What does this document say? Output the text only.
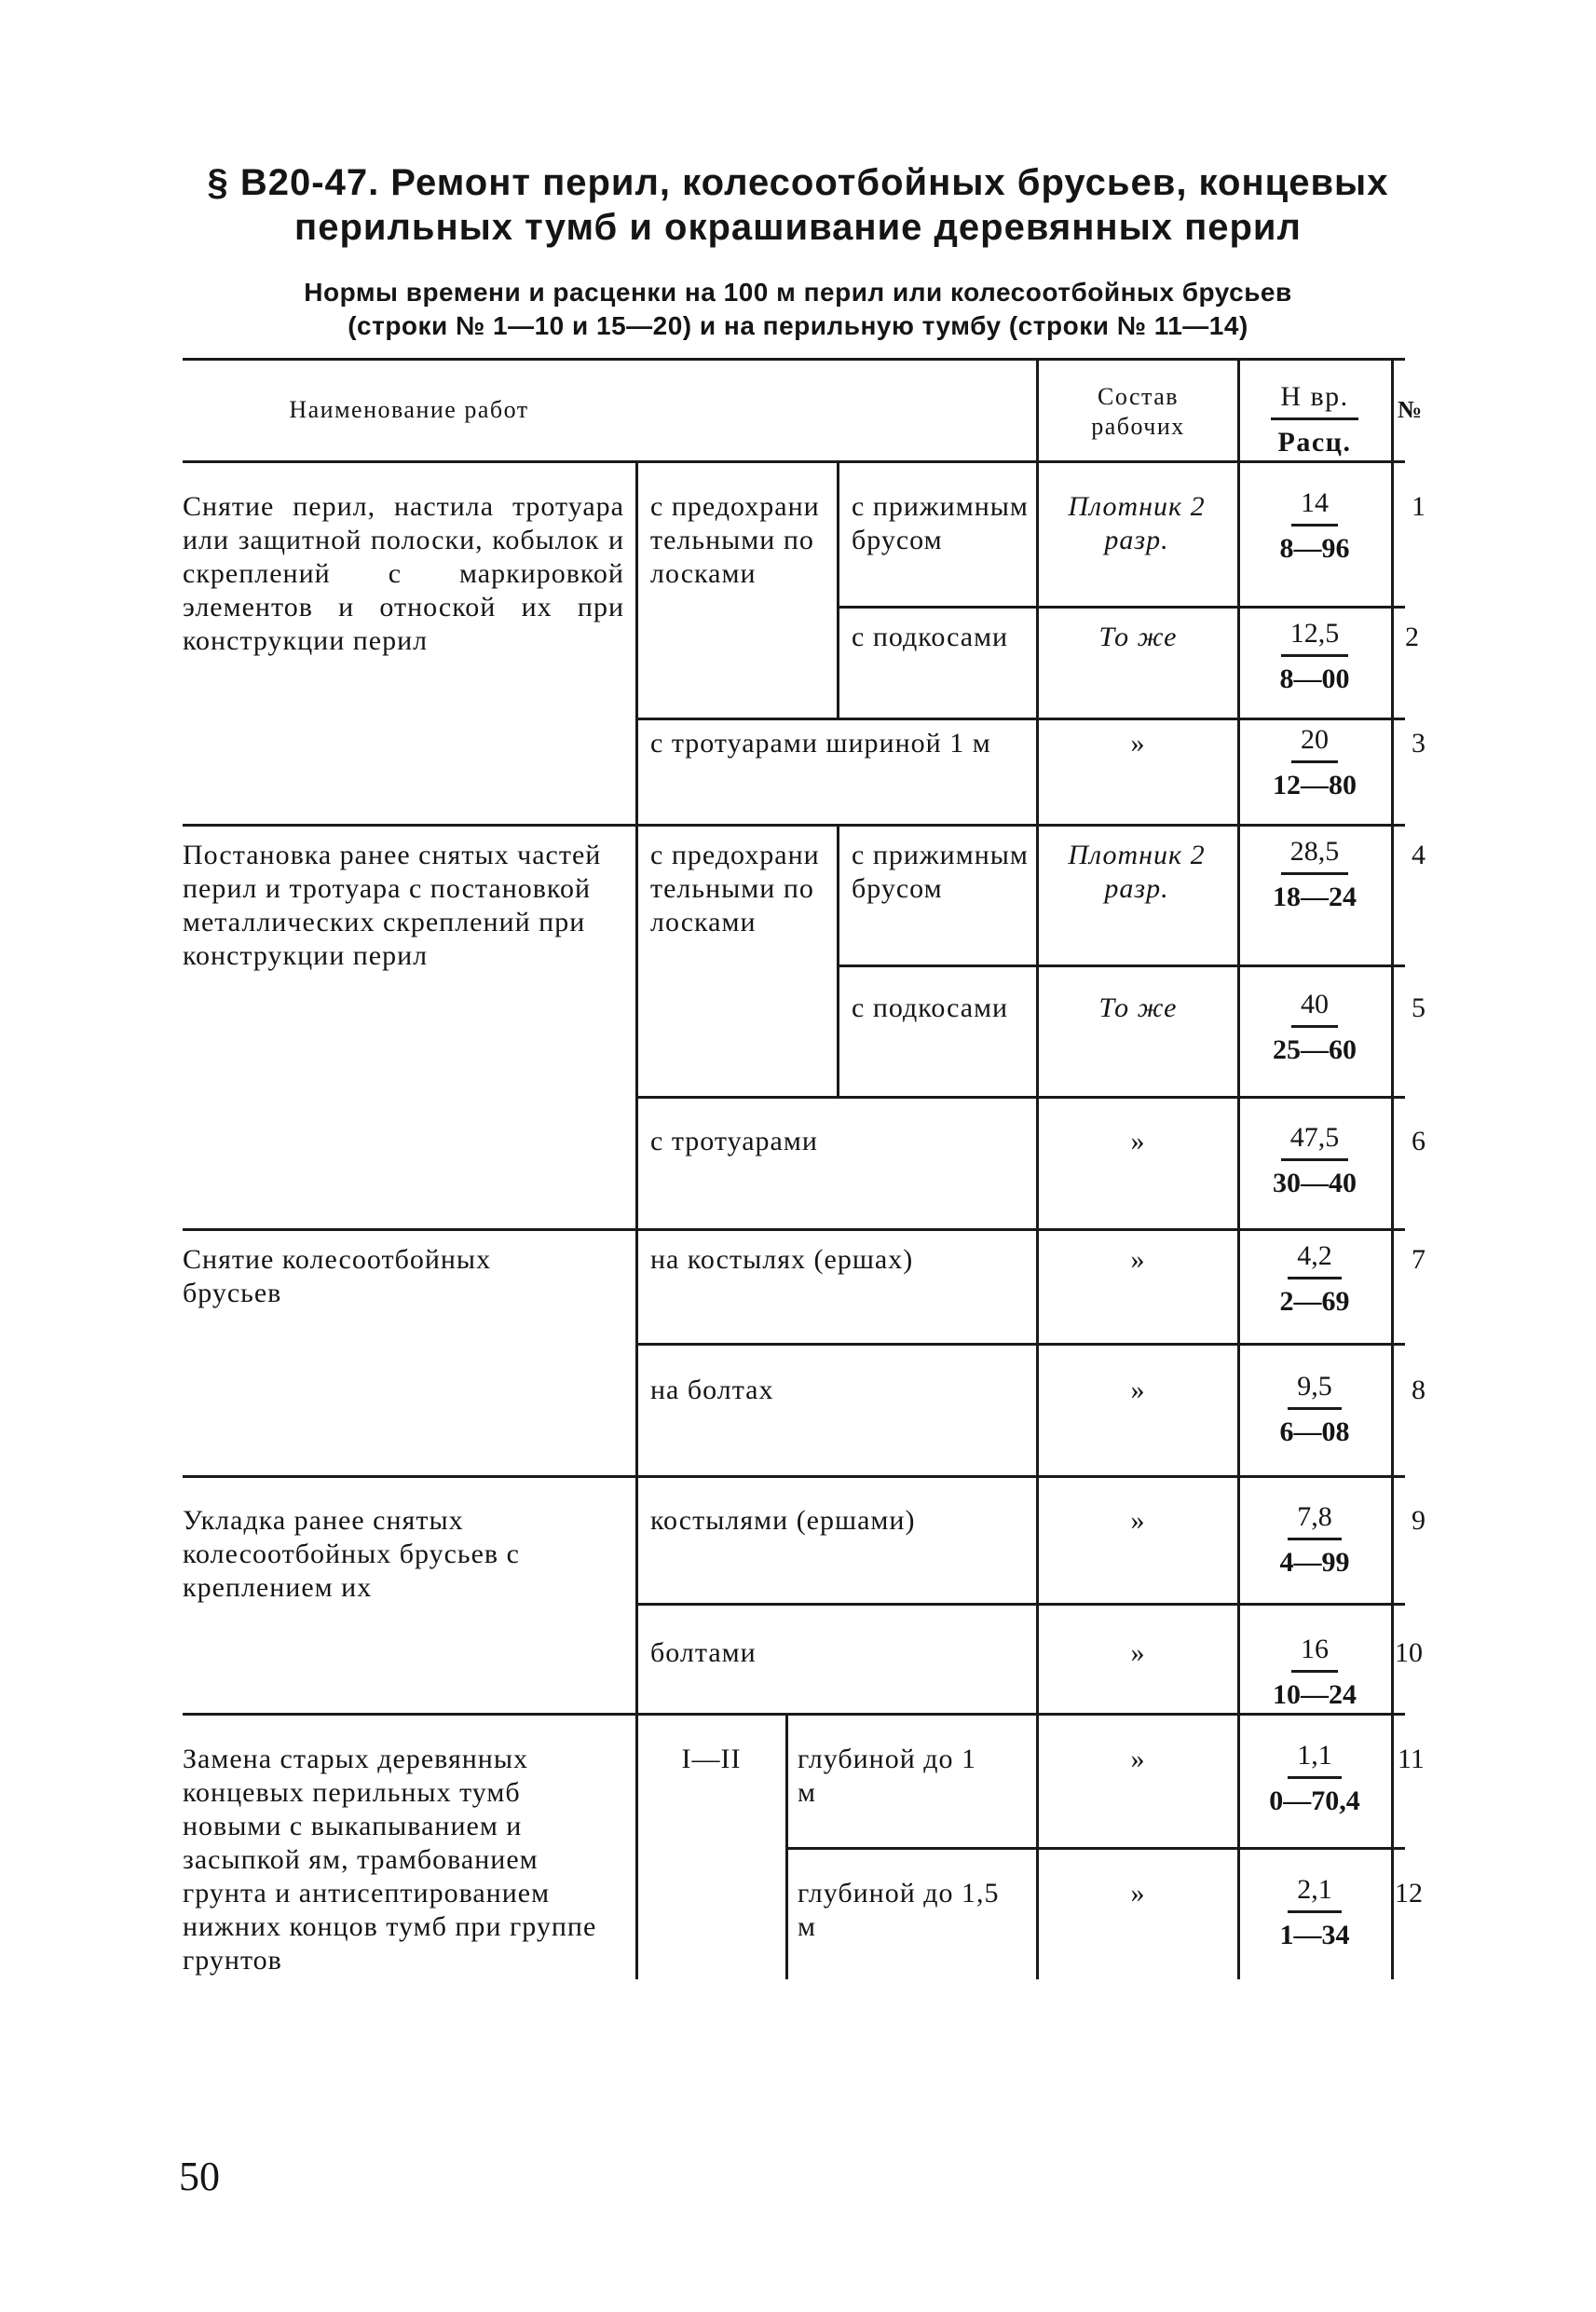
§ В20-47. Ремонт перил, колесоотбойных брусьев, концевых
перильных тумб и окрашивание деревянных перил
Нормы времени и расценки на 100 м перил или колесоотбойных брусьев
(строки № 1—10 и 15—20) и на перильную тумбу (строки № 11—14)
Наименование работ	Состав
рабочих
Н вр.
Расц.
№
Снятие перил, настила тротуара или защитной полоски, кобылок и скреплений с маркировкой элементов и отноской их при конструкции перил
Постановка ранее снятых частей перил и тротуара с постановкой металлических скреплений при конструкции перил
Снятие колесоотбойных брусьев
Укладка ранее снятых колесоотбойных брусьев с креплением их
Замена старых деревянных концевых перильных тумб новыми с выкапыванием и засыпкой ям, трамбованием грунта и антисептированием нижних концов тумб при группе грунтов
с предохранительными полосками
с предохранительными полосками
I—II
с прижимным брусом
с подкосами
с тротуарами шириной 1 м
с прижимным брусом
с подкосами
с тротуарами
на костылях (ершах)
на болтах
костылями (ершами)
болтами
глубиной до 1 м
глубиной до 1,5 м
Плотник 2 разр.
То же
»
Плотник 2 разр.
То же
»
»
»
»
»
»
»
14
8—96
12,5
8—00
20
12—80
28,5
18—24
40
25—60
47,5
30—40
4,2
2—69
9,5
6—08
7,8
4—99
16
10—24
1,1
0—70,4
2,1
1—34
1
2
3
4
5
6
7
8
9
10
11
12
50
